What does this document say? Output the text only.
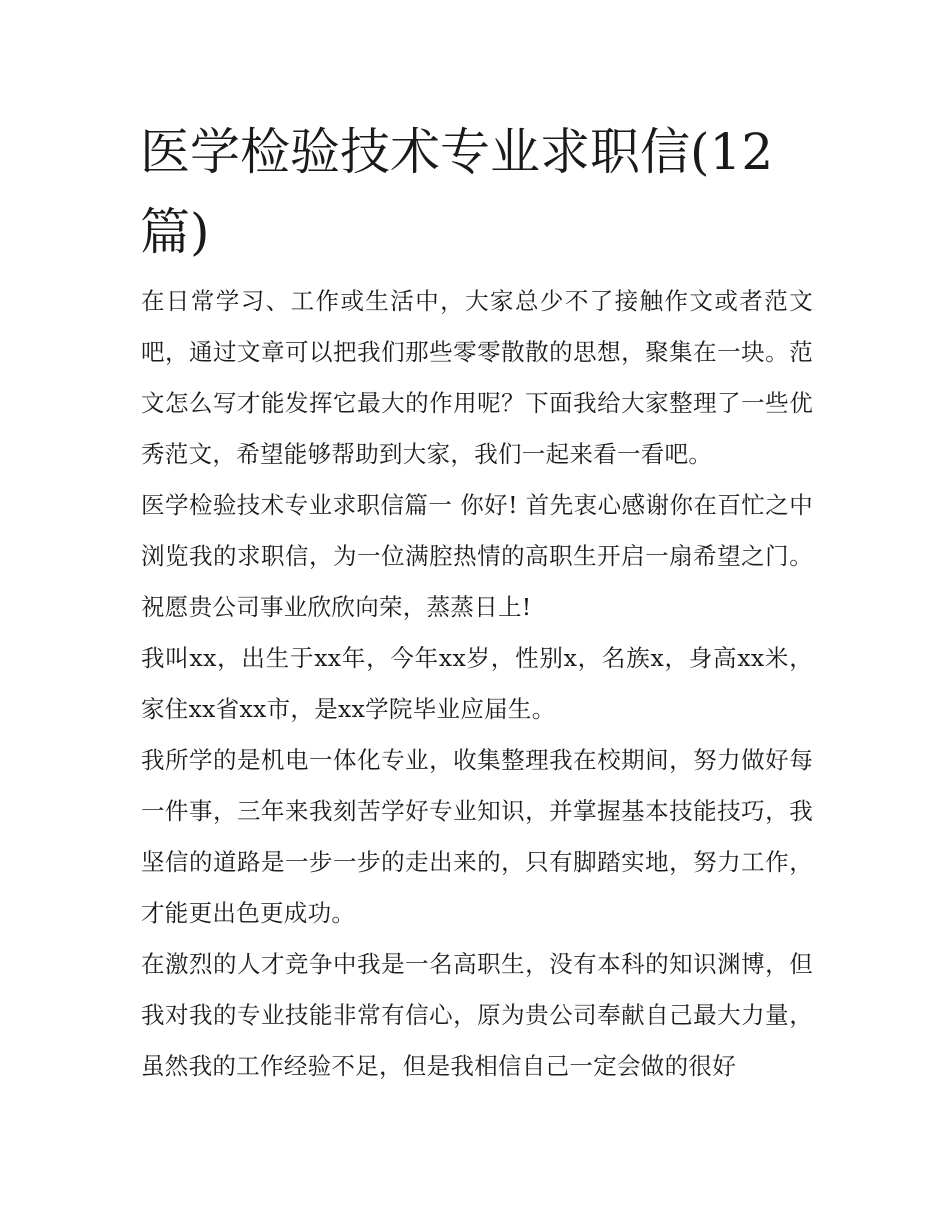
医学检验技术专业求职信(12篇)

在日常学习、工作或生活中，大家总少不了接触作文或者范文吧，通过文章可以把我们那些零零散散的思想，聚集在一块。范文怎么写才能发挥它最大的作用呢？下面我给大家整理了一些优秀范文，希望能够帮助到大家，我们一起来看一看吧。

医学检验技术专业求职信篇一 你好! 首先衷心感谢你在百忙之中浏览我的求职信，为一位满腔热情的高职生开启一扇希望之门。祝愿贵公司事业欣欣向荣，蒸蒸日上!

我叫xx，出生于xx年，今年xx岁，性别x，名族x，身高xx米，家住xx省xx市，是xx学院毕业应届生。

我所学的是机电一体化专业，收集整理我在校期间，努力做好每一件事，三年来我刻苦学好专业知识，并掌握基本技能技巧，我坚信的道路是一步一步的走出来的，只有脚踏实地，努力工作，才能更出色更成功。

在激烈的人才竞争中我是一名高职生，没有本科的知识渊博，但我对我的专业技能非常有信心，原为贵公司奉献自己最大力量，虽然我的工作经验不足，但是我相信自己一定会做的很好
